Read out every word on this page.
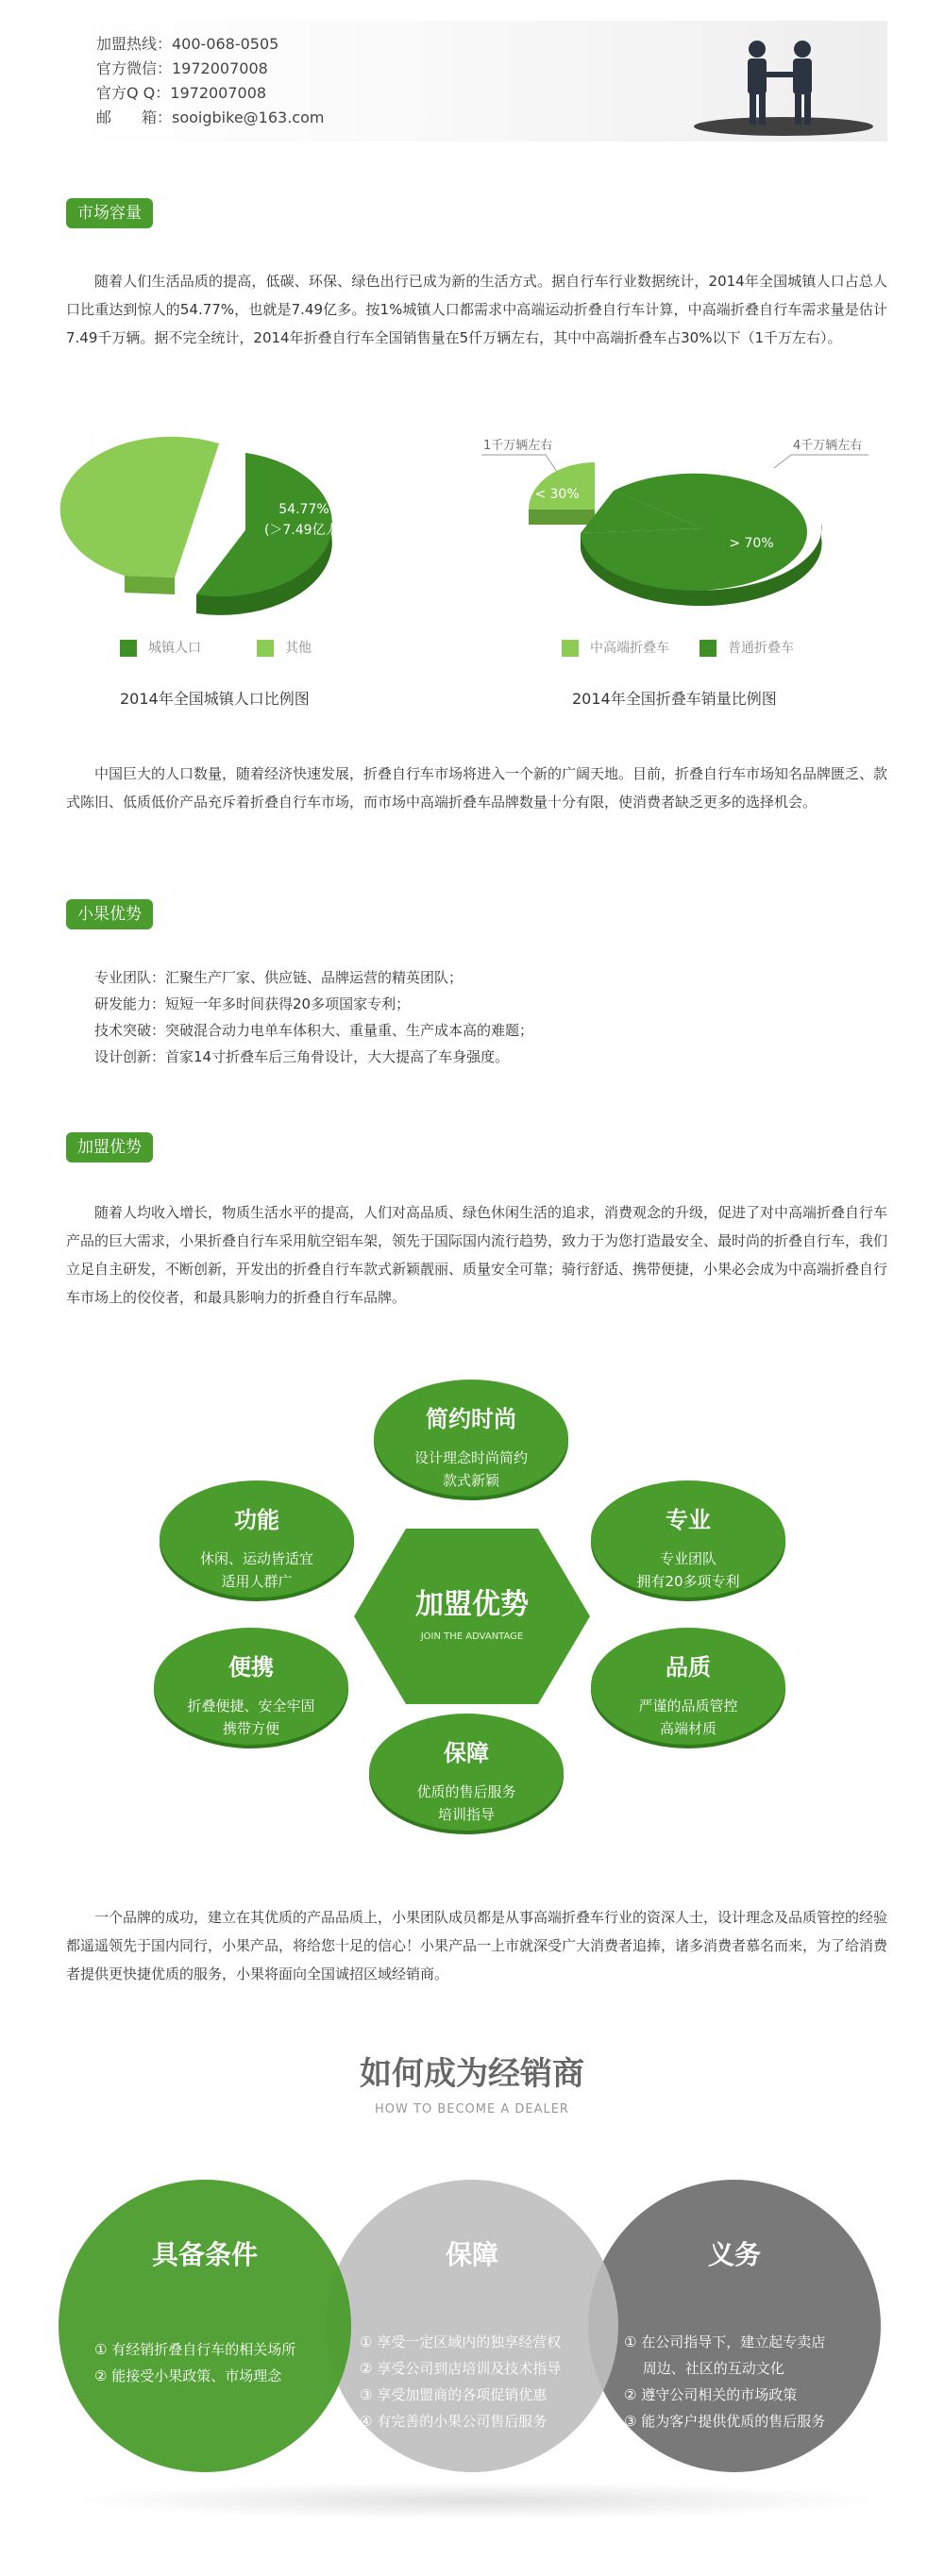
加盟热线：400-068-0505
官方微信：1972007008
官方Q Q：1972007008
邮　　箱：sooigbike@163.com
市场容量
随着人们生活品质的提高，低碳、环保、绿色出行已成为新的生活方式。据自行车行业数据统计，2014年全国城镇人口占总人口比重达到惊人的54.77%，也就是7.49亿多。按1%城镇人口都需求中高端运动折叠自行车计算，中高端折叠自行车需求量是估计7.49千万辆。据不完全统计，2014年折叠自行车全国销售量在5仟万辆左右，其中中高端折叠车占30%以下（1千万左右）。
54.77%
(＞7.49亿人)
城镇人口	其他
2014年全国城镇人口比例图
1千万辆左右	4千万辆左右
< 30%
> 70%
中高端折叠车	普通折叠车
2014年全国折叠车销量比例图
中国巨大的人口数量，随着经济快速发展，折叠自行车市场将进入一个新的广阔天地。目前，折叠自行车市场知名品牌匮乏、款式陈旧、低质低价产品充斥着折叠自行车市场，而市场中高端折叠车品牌数量十分有限，使消费者缺乏更多的选择机会。
小果优势
专业团队：汇聚生产厂家、供应链、品牌运营的精英团队；
研发能力：短短一年多时间获得20多项国家专利；
技术突破：突破混合动力电单车体积大、重量重、生产成本高的难题；
设计创新：首家14寸折叠车后三角骨设计，大大提高了车身强度。
加盟优势
随着人均收入增长，物质生活水平的提高，人们对高品质、绿色休闲生活的追求，消费观念的升级，促进了对中高端折叠自行车产品的巨大需求，小果折叠自行车采用航空铝车架，领先于国际国内流行趋势，致力于为您打造最安全、最时尚的折叠自行车，我们立足自主研发，不断创新，开发出的折叠自行车款式新颖靓丽、质量安全可靠；骑行舒适、携带便捷，小果必会成为中高端折叠自行车市场上的佼佼者，和最具影响力的折叠自行车品牌。
加盟优势
JOIN THE ADVANTAGE
简约时尚
设计理念时尚简约
款式新颖
功能
休闲、运动皆适宜
适用人群广
专业
专业团队
拥有20多项专利
便携
折叠便捷、安全牢固
携带方便
品质
严谨的品质管控
高端材质
保障
优质的售后服务
培训指导
一个品牌的成功，建立在其优质的产品品质上，小果团队成员都是从事高端折叠车行业的资深人士，设计理念及品质管控的经验都遥遥领先于国内同行，小果产品，将给您十足的信心！小果产品一上市就深受广大消费者追捧，诸多消费者慕名而来，为了给消费者提供更快捷优质的服务，小果将面向全国诚招区域经销商。
如何成为经销商
HOW TO BECOME A DEALER
义务
① 在公司指导下，建立起专卖店
　 周边、社区的互动文化
② 遵守公司相关的市场政策
③ 能为客户提供优质的售后服务
保障
① 享受一定区域内的独享经营权
② 享受公司到店培训及技术指导
③ 享受加盟商的各项促销优惠
④ 有完善的小果公司售后服务
具备条件
① 有经销折叠自行车的相关场所
② 能接受小果政策、市场理念
